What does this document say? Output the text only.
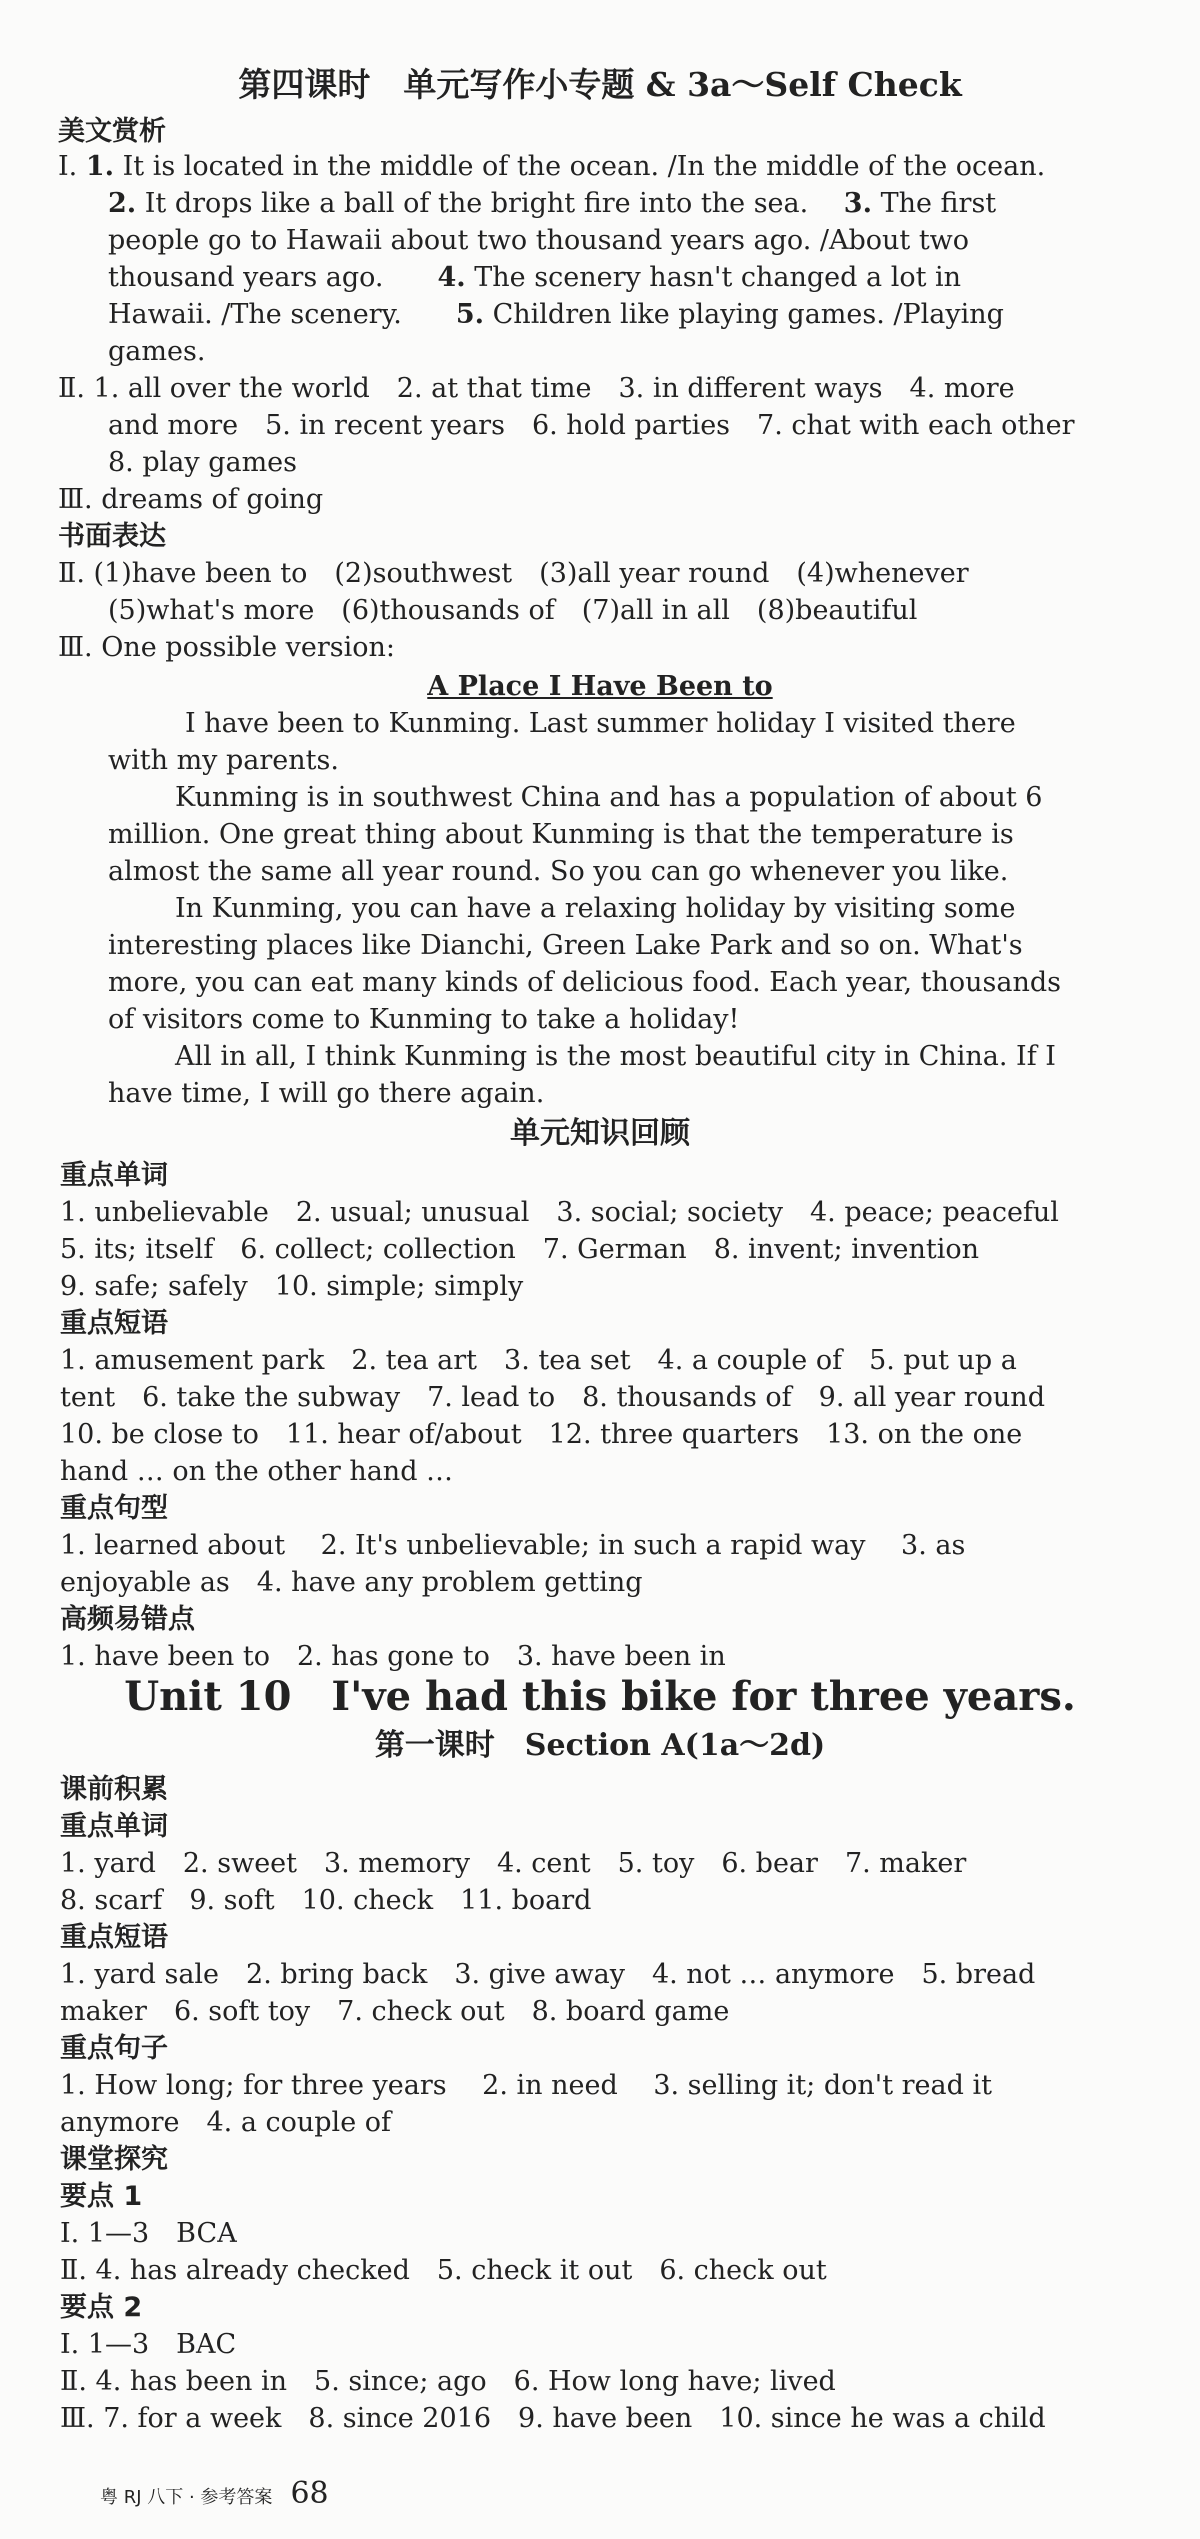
第四课时　单元写作小专题 & 3a～Self Check

美文赏析

Ⅰ. 1. It is located in the middle of the ocean. /In the middle of the ocean.

2. It drops like a ball of the bright fire into the sea.　 3. The first

people go to Hawaii about two thousand years ago. /About two

thousand years ago.　　4. The scenery hasn't changed a lot in

Hawaii. /The scenery.　　5. Children like playing games. /Playing

games.

Ⅱ. 1. all over the world　2. at that time　3. in different ways　4. more

and more　5. in recent years　6. hold parties　7. chat with each other

8. play games

Ⅲ. dreams of going

书面表达

Ⅱ. (1)have been to　(2)southwest　(3)all year round　(4)whenever

(5)what's more　(6)thousands of　(7)all in all　(8)beautiful

Ⅲ. One possible version:

A Place I Have Been to

I have been to Kunming. Last summer holiday I visited there

with my parents.

Kunming is in southwest China and has a population of about 6

million. One great thing about Kunming is that the temperature is

almost the same all year round. So you can go whenever you like.

In Kunming, you can have a relaxing holiday by visiting some

interesting places like Dianchi, Green Lake Park and so on. What's

more, you can eat many kinds of delicious food. Each year, thousands

of visitors come to Kunming to take a holiday!

All in all, I think Kunming is the most beautiful city in China. If I

have time, I will go there again.

单元知识回顾

重点单词

1. unbelievable　2. usual; unusual　3. social; society　4. peace; peaceful

5. its; itself　6. collect; collection　7. German　8. invent; invention

9. safe; safely　10. simple; simply

重点短语

1. amusement park　2. tea art　3. tea set　4. a couple of　5. put up a

tent　6. take the subway　7. lead to　8. thousands of　9. all year round

10. be close to　11. hear of/about　12. three quarters　13. on the one

hand … on the other hand …

重点句型

1. learned about　 2. It's unbelievable; in such a rapid way　 3. as

enjoyable as　4. have any problem getting

高频易错点

1. have been to　2. has gone to　3. have been in

Unit 10　I've had this bike for three years.

第一课时　Section A(1a～2d)

课前积累

重点单词

1. yard　2. sweet　3. memory　4. cent　5. toy　6. bear　7. maker

8. scarf　9. soft　10. check　11. board

重点短语

1. yard sale　2. bring back　3. give away　4. not … anymore　5. bread

maker　6. soft toy　7. check out　8. board game

重点句子

1. How long; for three years　 2. in need　 3. selling it; don't read it

anymore　4. a couple of

课堂探究

要点 1

Ⅰ. 1—3　BCA

Ⅱ. 4. has already checked　5. check it out　6. check out

要点 2

Ⅰ. 1—3　BAC

Ⅱ. 4. has been in　5. since; ago　6. How long have; lived

Ⅲ. 7. for a week　8. since 2016　9. have been　10. since he was a child

粤 RJ 八下 · 参考答案 68
